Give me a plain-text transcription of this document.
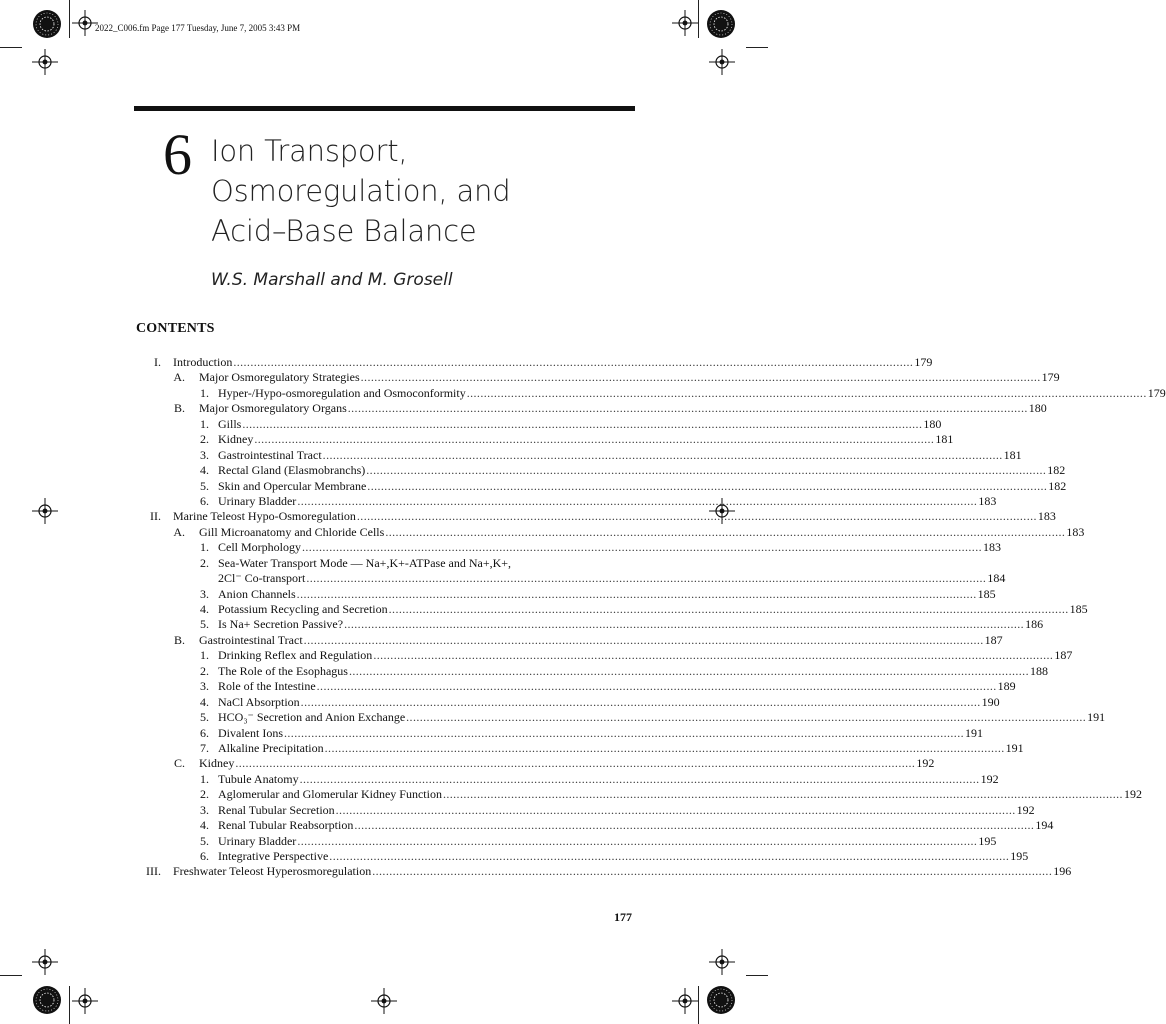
2022_C006.fm Page 177 Tuesday, June 7, 2005 3:43 PM
6 Ion Transport,
Osmoregulation, and
Acid–Base Balance
W.S. Marshall and M. Grosell
CONTENTS
I. Introduction ........................................................................................................................................................................................................ 179
A. Major Osmoregulatory Strategies ........................................................................................................................................................................................................ 179
1. Hyper-/Hypo-osmoregulation and Osmoconformity ........................................................................................................................................................................................................ 179
B. Major Osmoregulatory Organs ........................................................................................................................................................................................................ 180
1. Gills ........................................................................................................................................................................................................ 180
2. Kidney ........................................................................................................................................................................................................ 181
3. Gastrointestinal Tract ........................................................................................................................................................................................................ 181
4. Rectal Gland (Elasmobranchs) ........................................................................................................................................................................................................ 182
5. Skin and Opercular Membrane ........................................................................................................................................................................................................ 182
6. Urinary Bladder ........................................................................................................................................................................................................ 183
II. Marine Teleost Hypo-Osmoregulation ........................................................................................................................................................................................................ 183
A. Gill Microanatomy and Chloride Cells ........................................................................................................................................................................................................ 183
1. Cell Morphology ........................................................................................................................................................................................................ 183
2. Sea-Water Transport Mode — Na+,K+-ATPase and Na+,K+,
2Cl⁻ Co-transport ........................................................................................................................................................................................................ 184
3. Anion Channels ........................................................................................................................................................................................................ 185
4. Potassium Recycling and Secretion ........................................................................................................................................................................................................ 185
5. Is Na+ Secretion Passive? ........................................................................................................................................................................................................ 186
B. Gastrointestinal Tract ........................................................................................................................................................................................................ 187
1. Drinking Reflex and Regulation ........................................................................................................................................................................................................ 187
2. The Role of the Esophagus ........................................................................................................................................................................................................ 188
3. Role of the Intestine ........................................................................................................................................................................................................ 189
4. NaCl Absorption ........................................................................................................................................................................................................ 190
5. HCO₃⁻ Secretion and Anion Exchange ........................................................................................................................................................................................................ 191
6. Divalent Ions ........................................................................................................................................................................................................ 191
7. Alkaline Precipitation ........................................................................................................................................................................................................ 191
C. Kidney ........................................................................................................................................................................................................ 192
1. Tubule Anatomy ........................................................................................................................................................................................................ 192
2. Aglomerular and Glomerular Kidney Function ........................................................................................................................................................................................................ 192
3. Renal Tubular Secretion ........................................................................................................................................................................................................ 192
4. Renal Tubular Reabsorption ........................................................................................................................................................................................................ 194
5. Urinary Bladder ........................................................................................................................................................................................................ 195
6. Integrative Perspective ........................................................................................................................................................................................................ 195
III. Freshwater Teleost Hyperosmoregulation ........................................................................................................................................................................................................ 196
177
